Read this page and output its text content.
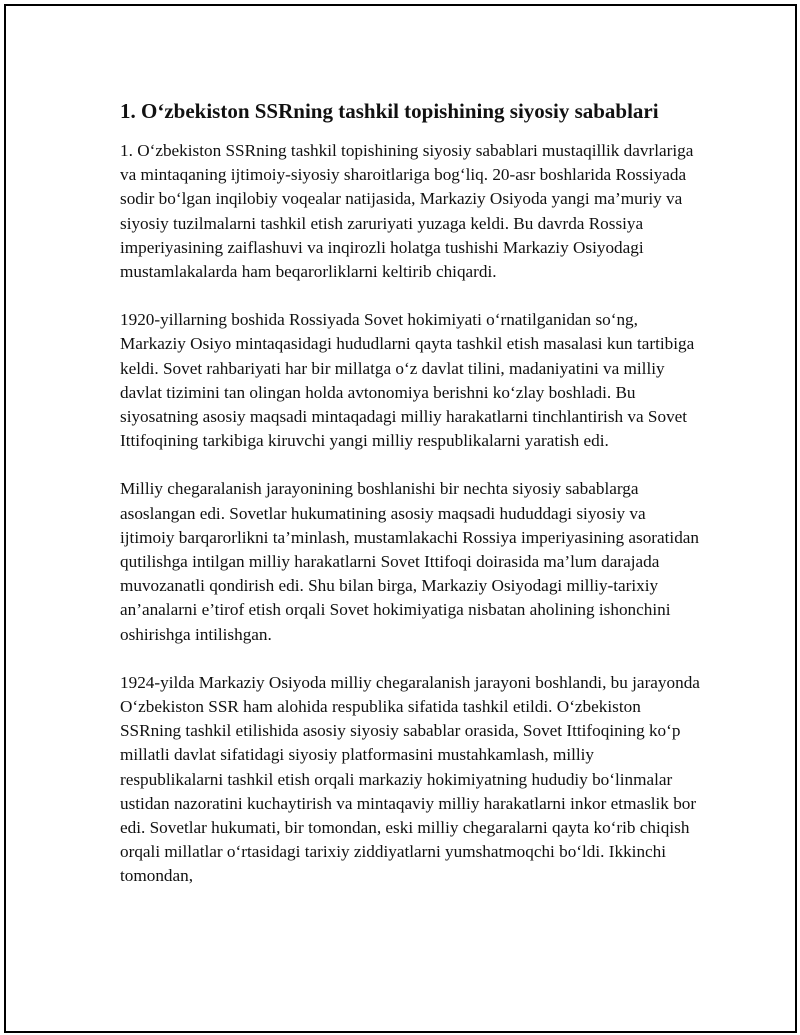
1. O‘zbekiston SSRning tashkil topishining siyosiy sabablari

1. O‘zbekiston SSRning tashkil topishining siyosiy sabablari mustaqillik davrlariga va mintaqaning ijtimoiy-siyosiy sharoitlariga bog‘liq. 20-asr boshlarida Rossiyada sodir bo‘lgan inqilobiy voqealar natijasida, Markaziy Osiyoda yangi ma’muriy va siyosiy tuzilmalarni tashkil etish zaruriyati yuzaga keldi. Bu davrda Rossiya imperiyasining zaiflashuvi va inqirozli holatga tushishi Markaziy Osiyodagi mustamlakalarda ham beqarorliklarni keltirib chiqardi.

1920-yillarning boshida Rossiyada Sovet hokimiyati o‘rnatilganidan so‘ng, Markaziy Osiyo mintaqasidagi hududlarni qayta tashkil etish masalasi kun tartibiga keldi. Sovet rahbariyati har bir millatga o‘z davlat tilini, madaniyatini va milliy davlat tizimini tan olingan holda avtonomiya berishni ko‘zlay boshladi. Bu siyosatning asosiy maqsadi mintaqadagi milliy harakatlarni tinchlantirish va Sovet Ittifoqining tarkibiga kiruvchi yangi milliy respublikalarni yaratish edi.

Milliy chegaralanish jarayonining boshlanishi bir nechta siyosiy sabablarga asoslangan edi. Sovetlar hukumatining asosiy maqsadi hududdagi siyosiy va ijtimoiy barqarorlikni ta’minlash, mustamlakachi Rossiya imperiyasining asoratidan qutilishga intilgan milliy harakatlarni Sovet Ittifoqi doirasida ma’lum darajada muvozanatli qondirish edi. Shu bilan birga, Markaziy Osiyodagi milliy-tarixiy an’analarni e’tirof etish orqali Sovet hokimiyatiga nisbatan aholining ishonchini oshirishga intilishgan.

1924-yilda Markaziy Osiyoda milliy chegaralanish jarayoni boshlandi, bu jarayonda O‘zbekiston SSR ham alohida respublika sifatida tashkil etildi. O‘zbekiston SSRning tashkil etilishida asosiy siyosiy sabablar orasida, Sovet Ittifoqining ko‘p millatli davlat sifatidagi siyosiy platformasini mustahkamlash, milliy respublikalarni tashkil etish orqali markaziy hokimiyatning hududiy bo‘linmalar ustidan nazoratini kuchaytirish va mintaqaviy milliy harakatlarni inkor etmaslik bor edi. Sovetlar hukumati, bir tomondan, eski milliy chegaralarni qayta ko‘rib chiqish orqali millatlar o‘rtasidagi tarixiy ziddiyatlarni yumshatmoqchi bo‘ldi. Ikkinchi tomondan,
